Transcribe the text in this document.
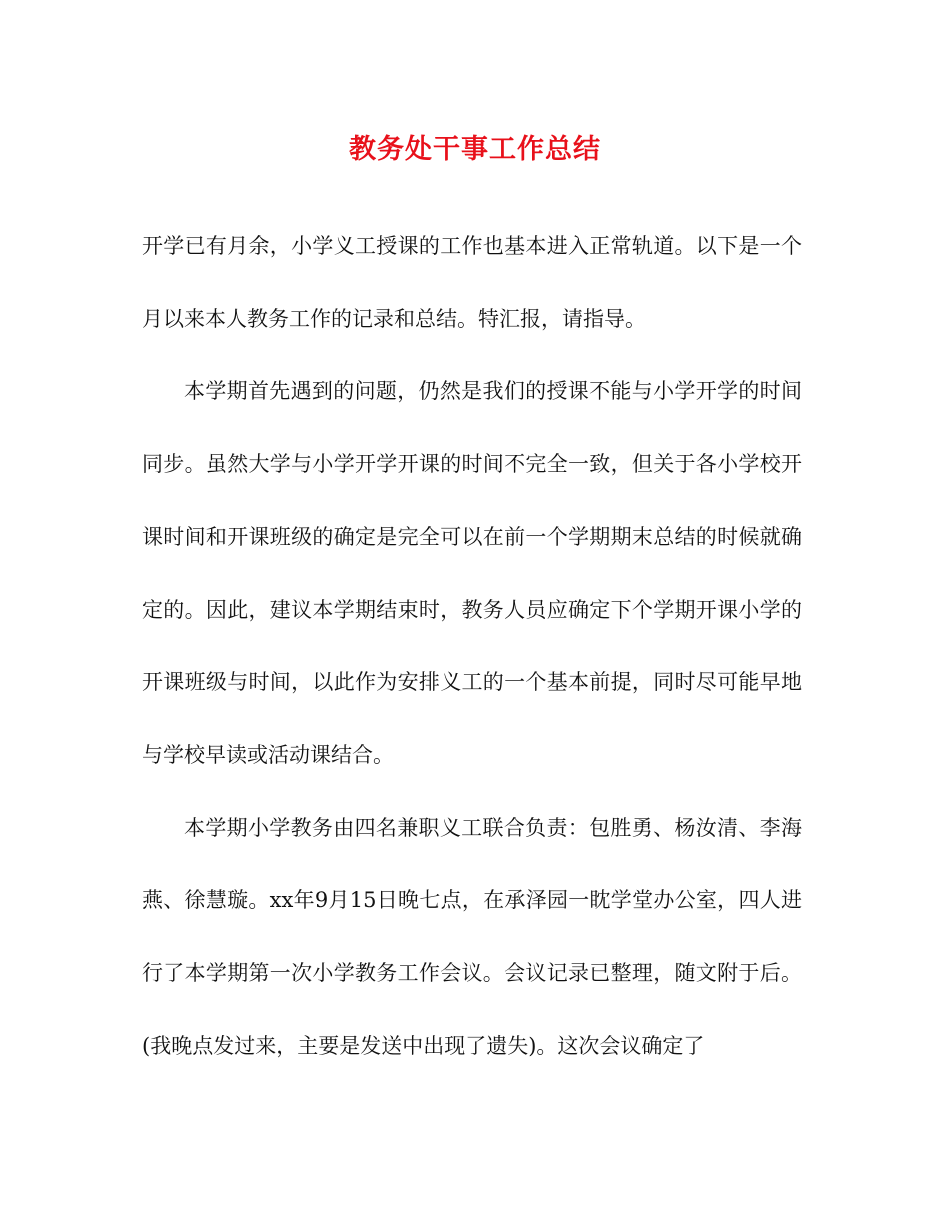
教务处干事工作总结

开学已有月余，小学义工授课的工作也基本进入正常轨道。以下是一个月以来本人教务工作的记录和总结。特汇报，请指导。

本学期首先遇到的问题，仍然是我们的授课不能与小学开学的时间同步。虽然大学与小学开学开课的时间不完全一致，但关于各小学校开课时间和开课班级的确定是完全可以在前一个学期期末总结的时候就确定的。因此，建议本学期结束时，教务人员应确定下个学期开课小学的开课班级与时间，以此作为安排义工的一个基本前提，同时尽可能早地与学校早读或活动课结合。

本学期小学教务由四名兼职义工联合负责：包胜勇、杨汝清、李海燕、徐慧璇。xx年9月15日晚七点，在承泽园一眈学堂办公室，四人进行了本学期第一次小学教务工作会议。会议记录已整理，随文附于后。(我晚点发过来，主要是发送中出现了遗失)。这次会议确定了
